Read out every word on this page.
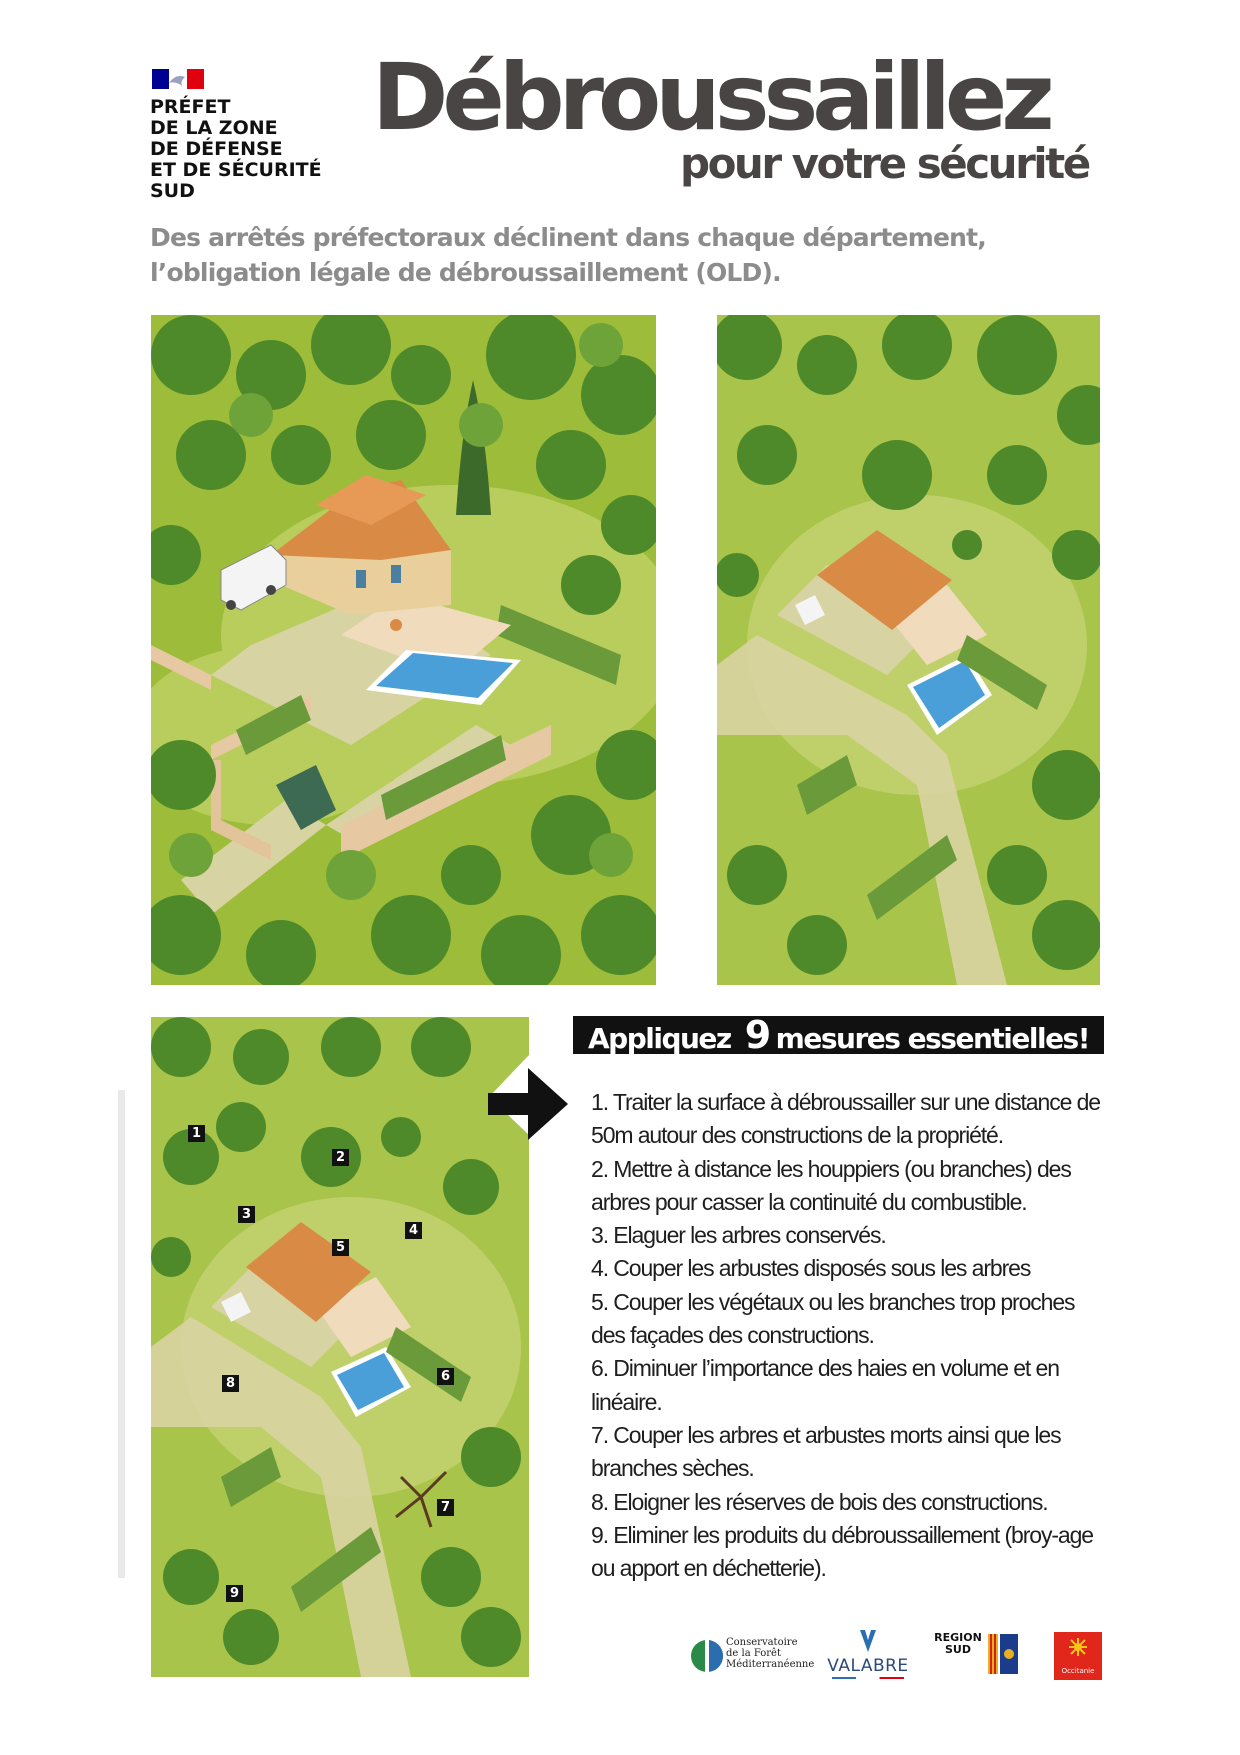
PRÉFET
DE LA ZONE
DE DÉFENSE
ET DE SÉCURITÉ
SUD
Débroussaillez
pour votre sécurité
Des arrêtés préfectoraux déclinent dans chaque département,
l’obligation légale de débroussaillement (OLD).
1
2
3
4
5
6
7
8
9
Appliquez 9 mesures essentielles!
1. Traiter la surface à débroussailler sur une distance de 50m autour des constructions de la propriété.
2. Mettre à distance les houppiers (ou branches) des arbres pour casser la continuité du combustible.
3. Elaguer les arbres conservés.
4. Couper les arbustes disposés sous les arbres
5. Couper les végétaux ou les branches trop proches des façades des constructions.
6. Diminuer l’importance des haies en volume et en linéaire.
7. Couper les arbres et arbustes morts ainsi que les branches sèches.
8. Eloigner les réserves de bois des constructions.
9. Eliminer les produits du débroussaillement (broy-age ou apport en déchetterie).
Conservatoire
de la Forêt
Méditerranéenne VALABRE
REGION
SUD
Occitanie
